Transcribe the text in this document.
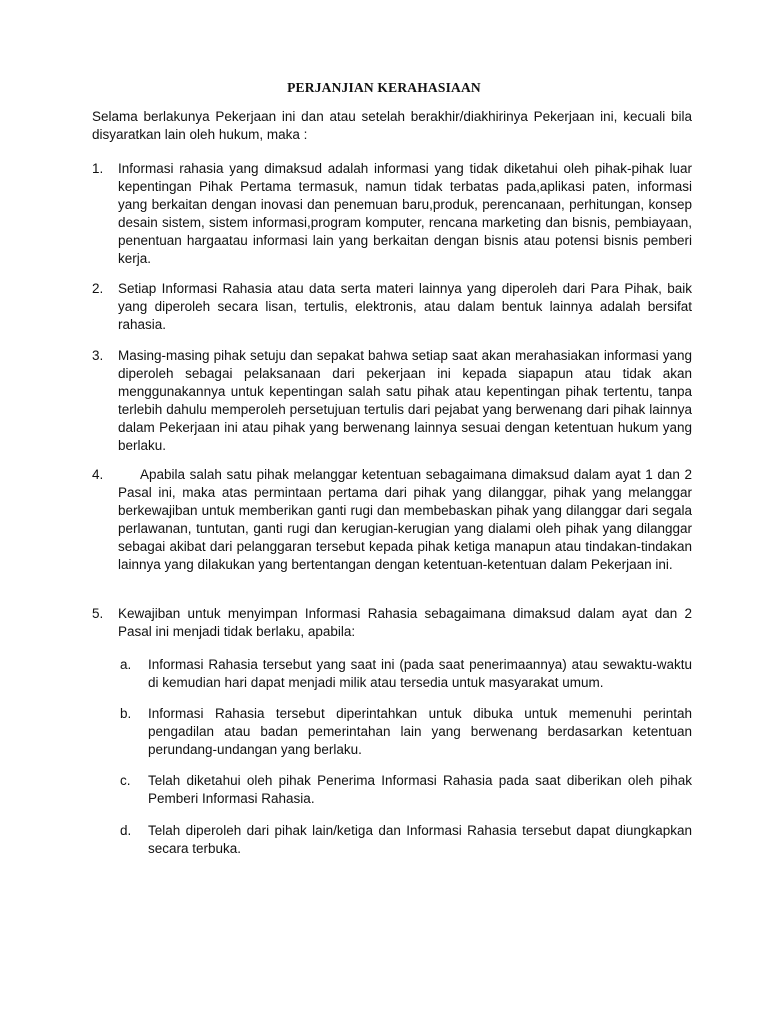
PERJANJIAN KERAHASIAAN
Selama berlakunya Pekerjaan ini dan atau setelah berakhir/diakhirinya Pekerjaan ini, kecuali bila disyaratkan lain oleh hukum, maka :
1. Informasi rahasia yang dimaksud adalah informasi yang tidak diketahui oleh pihak-pihak luar kepentingan Pihak Pertama termasuk, namun tidak terbatas pada,aplikasi paten, informasi yang berkaitan dengan inovasi dan penemuan baru,produk, perencanaan, perhitungan, konsep desain sistem, sistem informasi,program komputer, rencana marketing dan bisnis, pembiayaan, penentuan hargaatau informasi lain yang berkaitan dengan bisnis atau potensi bisnis pemberi kerja.
2. Setiap Informasi Rahasia atau data serta materi lainnya yang diperoleh dari Para Pihak, baik yang diperoleh secara lisan, tertulis, elektronis, atau dalam bentuk lainnya adalah bersifat rahasia.
3. Masing-masing pihak setuju dan sepakat bahwa setiap saat akan merahasiakan informasi yang diperoleh sebagai pelaksanaan dari pekerjaan ini kepada siapapun atau tidak akan menggunakannya untuk kepentingan salah satu pihak atau kepentingan pihak tertentu, tanpa terlebih dahulu memperoleh persetujuan tertulis dari pejabat yang berwenang dari pihak lainnya dalam Pekerjaan ini atau pihak yang berwenang lainnya sesuai dengan ketentuan hukum yang berlaku.
4.	Apabila salah satu pihak melanggar ketentuan sebagaimana dimaksud dalam ayat 1 dan 2 Pasal ini, maka atas permintaan pertama dari pihak yang dilanggar, pihak yang melanggar berkewajiban untuk memberikan ganti rugi dan membebaskan pihak yang dilanggar dari segala perlawanan, tuntutan, ganti rugi dan kerugian-kerugian yang dialami oleh pihak yang dilanggar sebagai akibat dari pelanggaran tersebut kepada pihak ketiga manapun atau tindakan-tindakan lainnya yang dilakukan yang bertentangan dengan ketentuan-ketentuan dalam Pekerjaan ini.
5. Kewajiban untuk menyimpan Informasi Rahasia sebagaimana dimaksud dalam ayat dan 2 Pasal ini menjadi tidak berlaku, apabila:
a. Informasi Rahasia tersebut yang saat ini (pada saat penerimaannya) atau sewaktu-waktu di kemudian hari dapat menjadi milik atau tersedia untuk masyarakat umum.
b. Informasi Rahasia tersebut diperintahkan untuk dibuka untuk memenuhi perintah pengadilan atau badan pemerintahan lain yang berwenang berdasarkan ketentuan perundang-undangan yang berlaku.
c. Telah diketahui oleh pihak Penerima Informasi Rahasia pada saat diberikan oleh pihak Pemberi Informasi Rahasia.
d. Telah diperoleh dari pihak lain/ketiga dan Informasi Rahasia tersebut dapat diungkapkan secara terbuka.
